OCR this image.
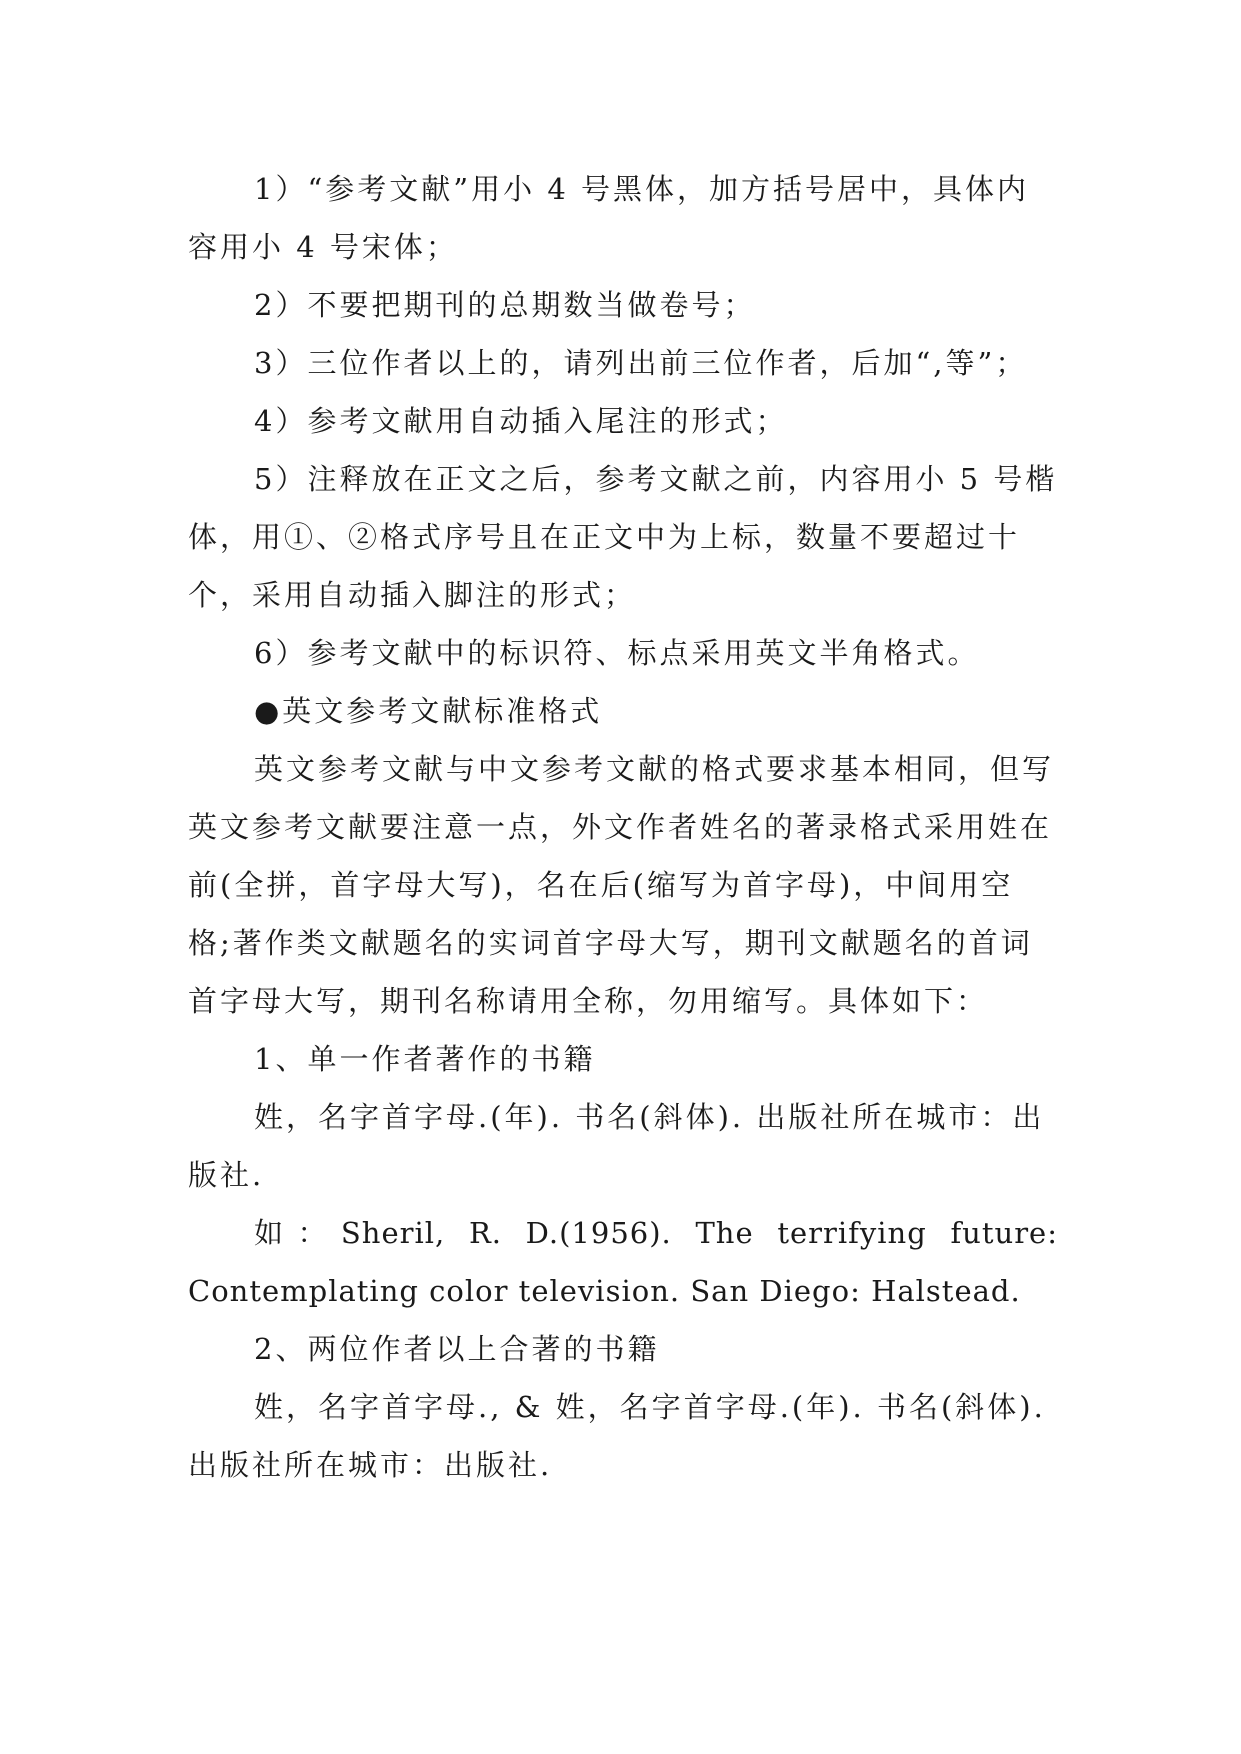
1）“参考文献”用小 4 号黑体，加方括号居中，具体内容用小 4 号宋体；

2）不要把期刊的总期数当做卷号；

3）三位作者以上的，请列出前三位作者，后加“,等”；

4）参考文献用自动插入尾注的形式；

5）注释放在正文之后，参考文献之前，内容用小 5 号楷体，用①、②格式序号且在正文中为上标，数量不要超过十个，采用自动插入脚注的形式；

6）参考文献中的标识符、标点采用英文半角格式。

●英文参考文献标准格式

英文参考文献与中文参考文献的格式要求基本相同，但写英文参考文献要注意一点，外文作者姓名的著录格式采用姓在前(全拼，首字母大写)，名在后(缩写为首字母)，中间用空格;著作类文献题名的实词首字母大写，期刊文献题名的首词首字母大写，期刊名称请用全称，勿用缩写。具体如下：

1、单一作者著作的书籍

姓，名字首字母.(年). 书名(斜体). 出版社所在城市：出版社.

如：Sheril, R. D.(1956). The terrifying future: Contemplating color television. San Diego: Halstead.

2、两位作者以上合著的书籍

姓，名字首字母., & 姓，名字首字母.(年). 书名(斜体). 出版社所在城市：出版社.
